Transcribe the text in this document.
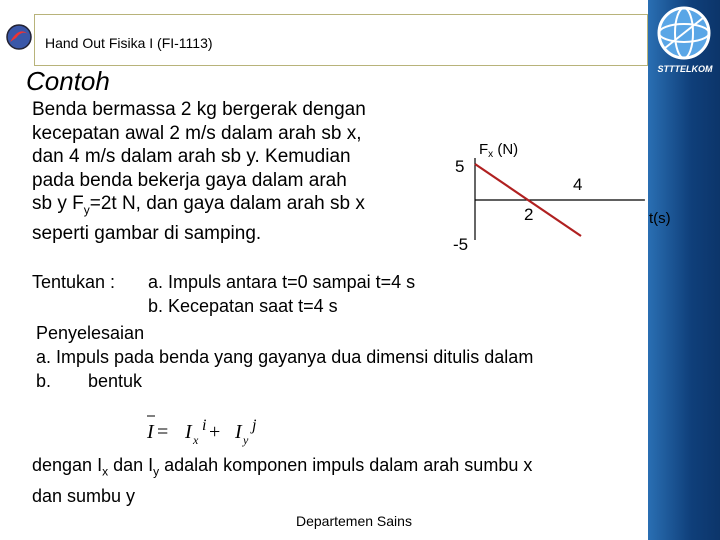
Hand Out Fisika I (FI-1113)
STTTELKOM
Contoh
Benda bermassa 2 kg bergerak dengan
kecepatan awal 2 m/s dalam arah sb x,
dan 4 m/s dalam arah sb y. Kemudian
pada benda bekerja gaya dalam arah
sb y $F_y=2t$ N, dan gaya dalam arah sb x
seperti gambar di samping.
$F_x$ (N)
5
-5
2
4
t(s)
Tentukan :	a. Impuls antara t=0 sampai t=4 s
b. Kecepatan saat t=4 s
Penyelesaian
a. Impuls pada benda yang gayanya dua dimensi ditulis dalam
b.	bentuk
I = I x
i + I y
j
dengan $I_x$ dan $I_y$ adalah komponen impuls dalam arah sumbu x
dan sumbu y
Departemen Sains
